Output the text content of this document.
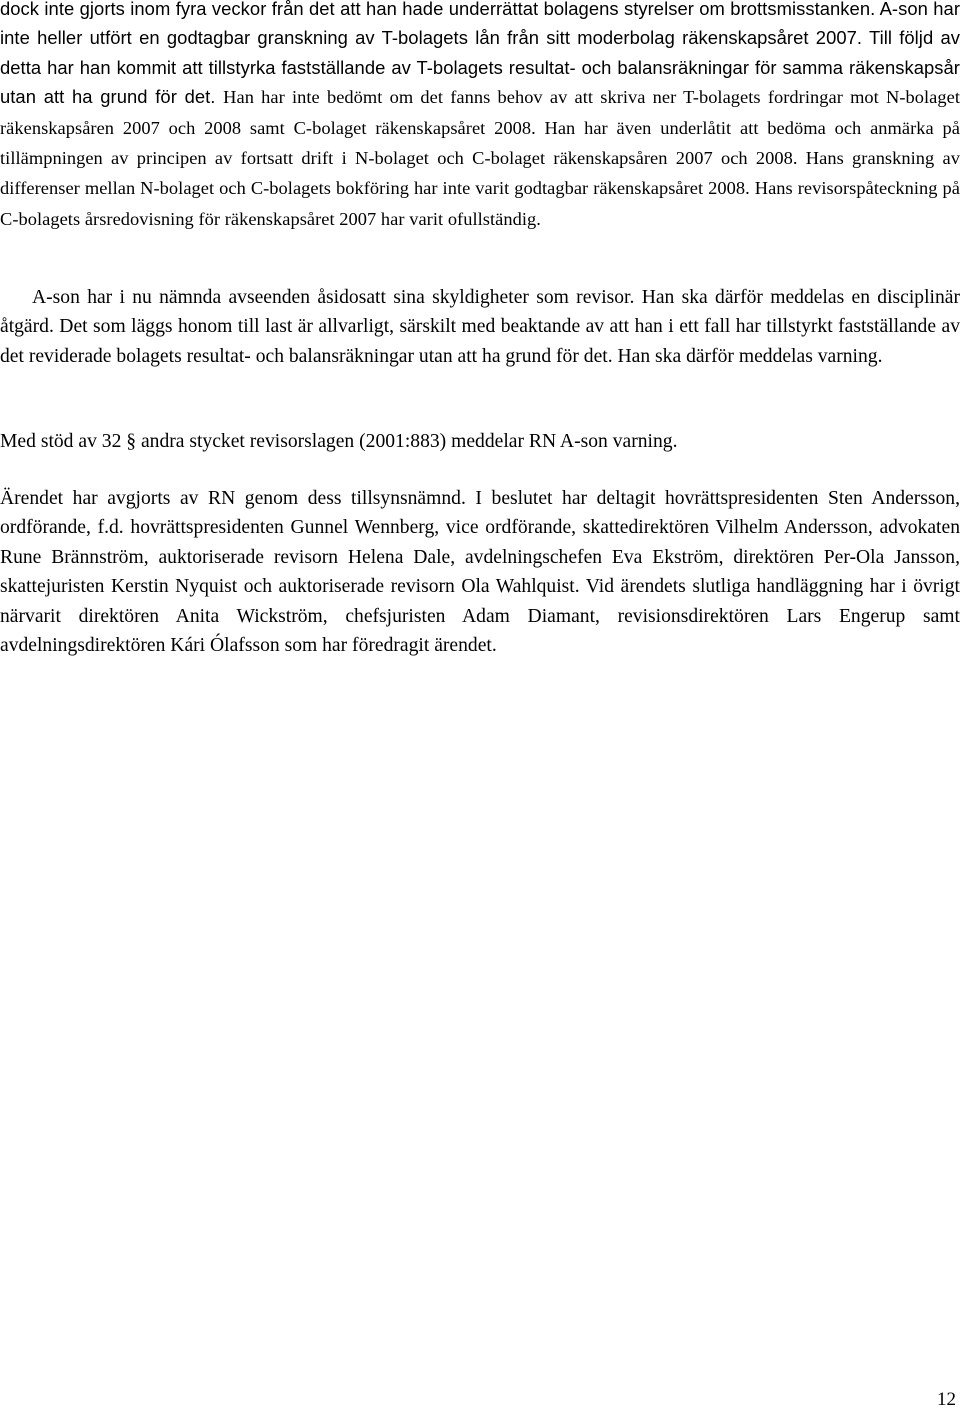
dock inte gjorts inom fyra veckor från det att han hade underrättat bolagens styrelser om brottsmisstanken. A-son har inte heller utfört en godtagbar granskning av T-bolagets lån från sitt moderbolag räkenskapsåret 2007. Till följd av detta har han kommit att tillstyrka fastställande av T-bolagets resultat- och balansräkningar för samma räkenskapsår utan att ha grund för det. Han har inte bedömt om det fanns behov av att skriva ner T-bolagets fordringar mot N-bolaget räkenskapsåren 2007 och 2008 samt C-bolaget räkenskapsåret 2008. Han har även underlåtit att bedöma och anmärka på tillämpningen av principen av fortsatt drift i N-bolaget och C-bolaget räkenskapsåren 2007 och 2008. Hans granskning av differenser mellan N-bolaget och C-bolagets bokföring har inte varit godtagbar räkenskapsåret 2008. Hans revisorspåteckning på C-bolagets årsredovisning för räkenskapsåret 2007 har varit ofullständig.

A-son har i nu nämnda avseenden åsidosatt sina skyldigheter som revisor. Han ska därför meddelas en disciplinär åtgärd. Det som läggs honom till last är allvarligt, särskilt med beaktande av att han i ett fall har tillstyrkt fastställande av det reviderade bolagets resultat- och balansräkningar utan att ha grund för det. Han ska därför meddelas varning.

Med stöd av 32 § andra stycket revisorslagen (2001:883) meddelar RN A-son varning.

Ärendet har avgjorts av RN genom dess tillsynsnämnd. I beslutet har deltagit hovrättspresidenten Sten Andersson, ordförande, f.d. hovrättspresidenten Gunnel Wennberg, vice ordförande, skattedirektören Vilhelm Andersson, advokaten Rune Brännström, auktoriserade revisorn Helena Dale, avdelningschefen Eva Ekström, direktören Per-Ola Jansson, skattejuristen Kerstin Nyquist och auktoriserade revisorn Ola Wahlquist. Vid ärendets slutliga handläggning har i övrigt närvarit direktören Anita Wickström, chefsjuristen Adam Diamant, revisionsdirektören Lars Engerup samt avdelningsdirektören Kári Ólafsson som har föredragit ärendet.

12
